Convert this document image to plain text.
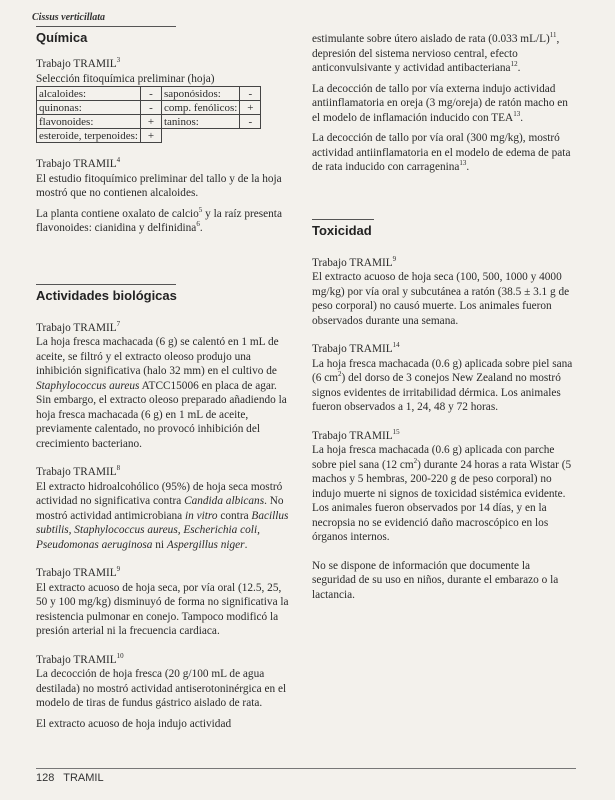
Cissus verticillata
Química
Trabajo TRAMIL$^3$
Selección fitoquímica preliminar (hoja)
alcaloides:	-	saponósidos:	-
quinonas:	-	comp. fenólicos:	+
flavonoides:	+	taninos:	-
esteroide, terpenoides:	+		
Trabajo TRAMIL$^4$

El estudio fitoquímico preliminar del tallo y de la hoja mostró que no contienen alcaloides.

La planta contiene oxalato de calcio$^5$ y la raíz presenta flavonoides: cianidina y delfinidina$^6$.

Actividades biológicas
Trabajo TRAMIL$^7$

La hoja fresca machacada (6 g) se calentó en 1 mL de aceite, se filtró y el extracto oleoso produjo una inhibición significativa (halo 32 mm) en el cultivo de Staphylococcus aureus ATCC15006 en placa de agar. Sin embargo, el extracto oleoso preparado añadiendo la hoja fresca machacada (6 g) en 1 mL de aceite, previamente calentado, no provocó inhibición del crecimiento bacteriano.

Trabajo TRAMIL$^8$

El extracto hidroalcohólico (95%) de hoja seca mostró actividad no significativa contra Candida albicans. No mostró actividad antimicrobiana in vitro contra Bacillus subtilis, Staphylococcus aureus, Escherichia coli, Pseudomonas aeruginosa ni Aspergillus niger.

Trabajo TRAMIL$^9$

El extracto acuoso de hoja seca, por vía oral (12.5, 25, 50 y 100 mg/kg) disminuyó de forma no significativa la resistencia pulmonar en conejo. Tampoco modificó la presión arterial ni la frecuencia cardiaca.

Trabajo TRAMIL$^{10}$

La decocción de hoja fresca (20 g/100 mL de agua destilada) no mostró actividad antiserotoninérgica en el modelo de tiras de fundus gástrico aislado de rata.

El extracto acuoso de hoja indujo actividad

estimulante sobre útero aislado de rata (0.033 mL/L)$^{11}$, depresión del sistema nervioso central, efecto anticonvulsivante y actividad antibacteriana$^{12}$.

La decocción de tallo por vía externa indujo actividad antiinflamatoria en oreja (3 mg/oreja) de ratón macho en el modelo de inflamación inducido con TEA$^{13}$.

La decocción de tallo por vía oral (300 mg/kg), mostró actividad antiinflamatoria en el modelo de edema de pata de rata inducido con carragenina$^{13}$.

Toxicidad
Trabajo TRAMIL$^9$

El extracto acuoso de hoja seca (100, 500, 1000 y 4000 mg/kg) por vía oral y subcutánea a ratón (38.5 ± 3.1 g de peso corporal) no causó muerte. Los animales fueron observados durante una semana.

Trabajo TRAMIL$^{14}$

La hoja fresca machacada (0.6 g) aplicada sobre piel sana (6 $cm^2$) del dorso de 3 conejos New Zealand no mostró signos evidentes de irritabilidad dérmica. Los animales fueron observados a 1, 24, 48 y 72 horas.

Trabajo TRAMIL$^{15}$

La hoja fresca machacada (0.6 g) aplicada con parche sobre piel sana (12 $cm^2$) durante 24 horas a rata Wistar (5 machos y 5 hembras, 200-220 g de peso corporal) no indujo muerte ni signos de toxicidad sistémica evidente. Los animales fueron observados por 14 días, y en la necropsia no se evidenció daño macroscópico en los órganos internos.

No se dispone de información que documente la seguridad de su uso en niños, durante el embarazo o la lactancia.

128 TRAMIL
